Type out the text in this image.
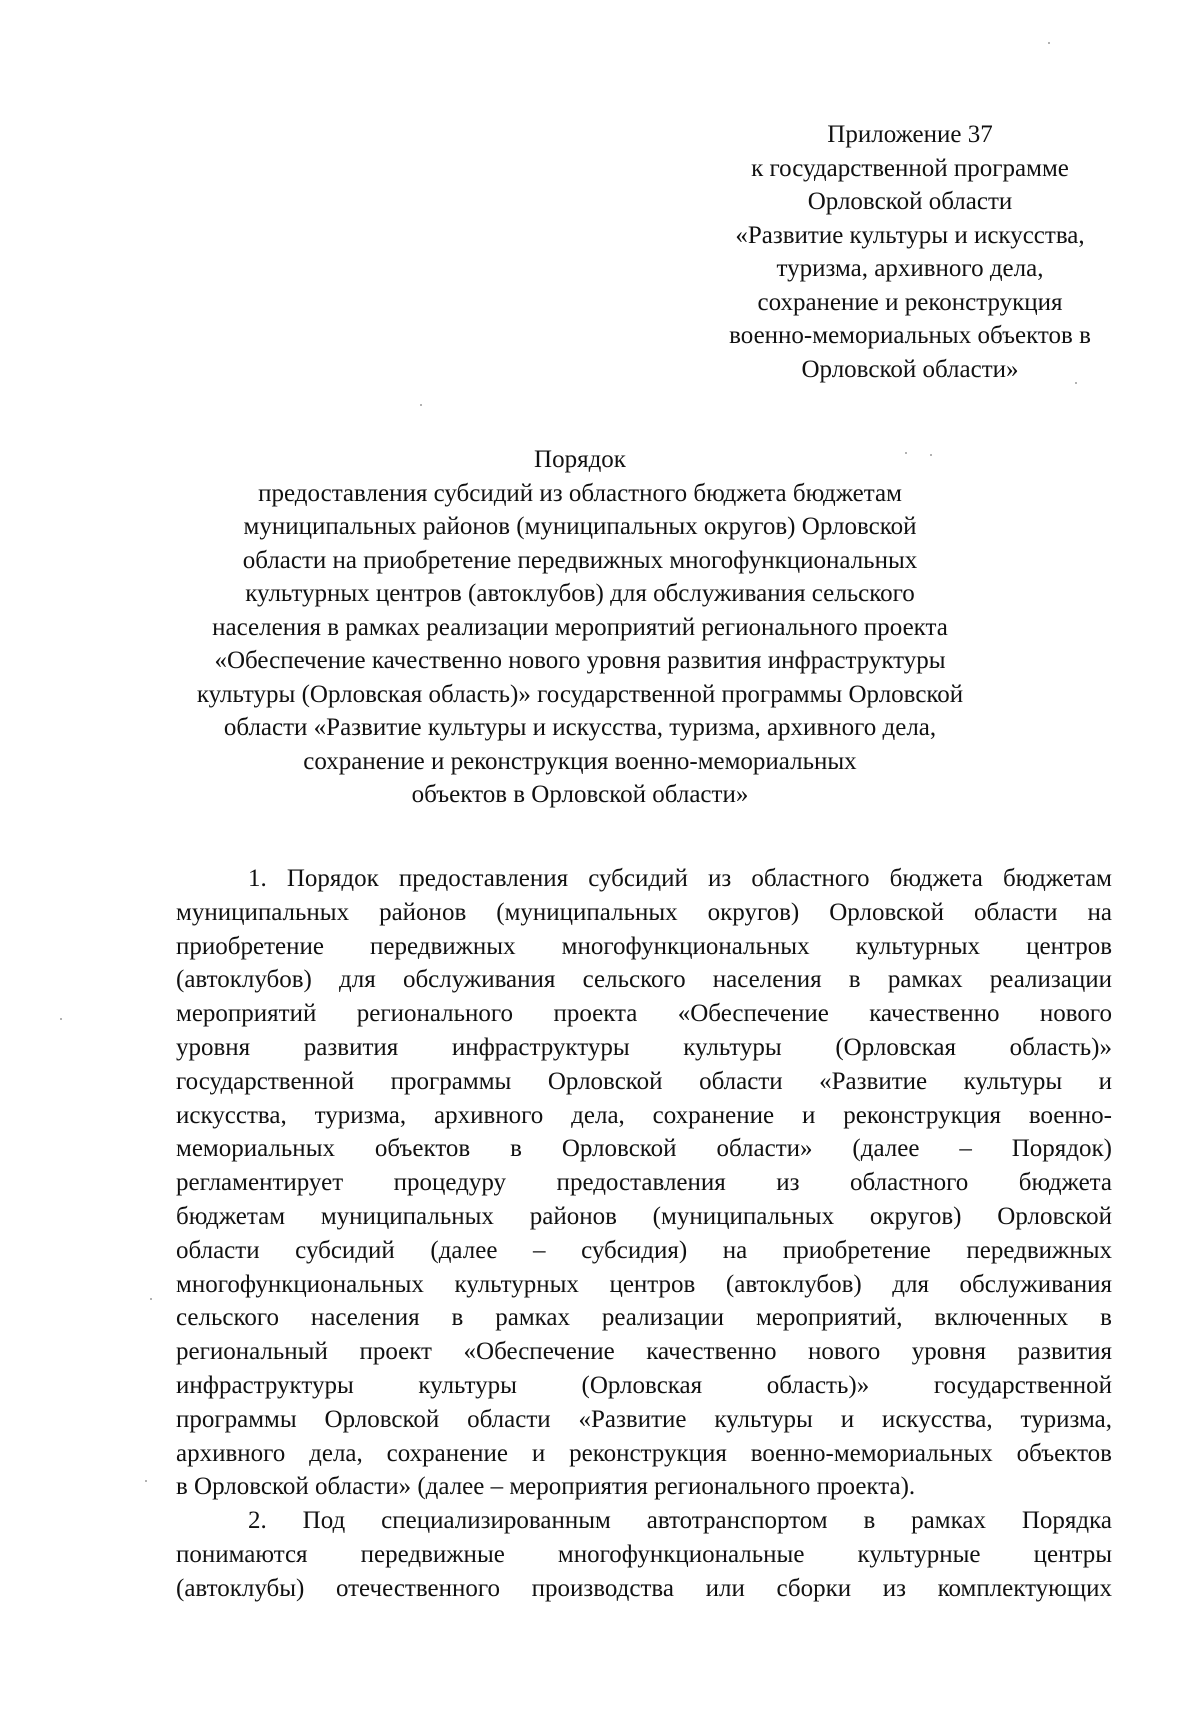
Приложение 37
к государственной программе
Орловской области
«Развитие культуры и искусства,
туризма, архивного дела,
сохранение и реконструкция
военно-мемориальных объектов в
Орловской области»
Порядок
предоставления субсидий из областного бюджета бюджетам
муниципальных районов (муниципальных округов) Орловской
области на приобретение передвижных многофункциональных
культурных центров (автоклубов) для обслуживания сельского
населения в рамках реализации мероприятий регионального проекта
«Обеспечение качественно нового уровня развития инфраструктуры
культуры (Орловская область)» государственной программы Орловской
области «Развитие культуры и искусства, туризма, архивного дела,
сохранение и реконструкция военно-мемориальных
объектов в Орловской области»
1. Порядок предоставления субсидий из областного бюджета бюджетам
муниципальных районов (муниципальных округов) Орловской области на
приобретение передвижных многофункциональных культурных центров
(автоклубов) для обслуживания сельского населения в рамках реализации
мероприятий регионального проекта «Обеспечение качественно нового
уровня развития инфраструктуры культуры (Орловская область)»
государственной программы Орловской области «Развитие культуры и
искусства, туризма, архивного дела, сохранение и реконструкция военно-
мемориальных объектов в Орловской области» (далее – Порядок)
регламентирует процедуру предоставления из областного бюджета
бюджетам муниципальных районов (муниципальных округов) Орловской
области субсидий (далее – субсидия) на приобретение передвижных
многофункциональных культурных центров (автоклубов) для обслуживания
сельского населения в рамках реализации мероприятий, включенных в
региональный проект «Обеспечение качественно нового уровня развития
инфраструктуры культуры (Орловская область)» государственной
программы Орловской области «Развитие культуры и искусства, туризма,
архивного дела, сохранение и реконструкция военно-мемориальных объектов
в Орловской области» (далее – мероприятия регионального проекта).
2. Под специализированным автотранспортом в рамках Порядка
понимаются передвижные многофункциональные культурные центры
(автоклубы) отечественного производства или сборки из комплектующих
